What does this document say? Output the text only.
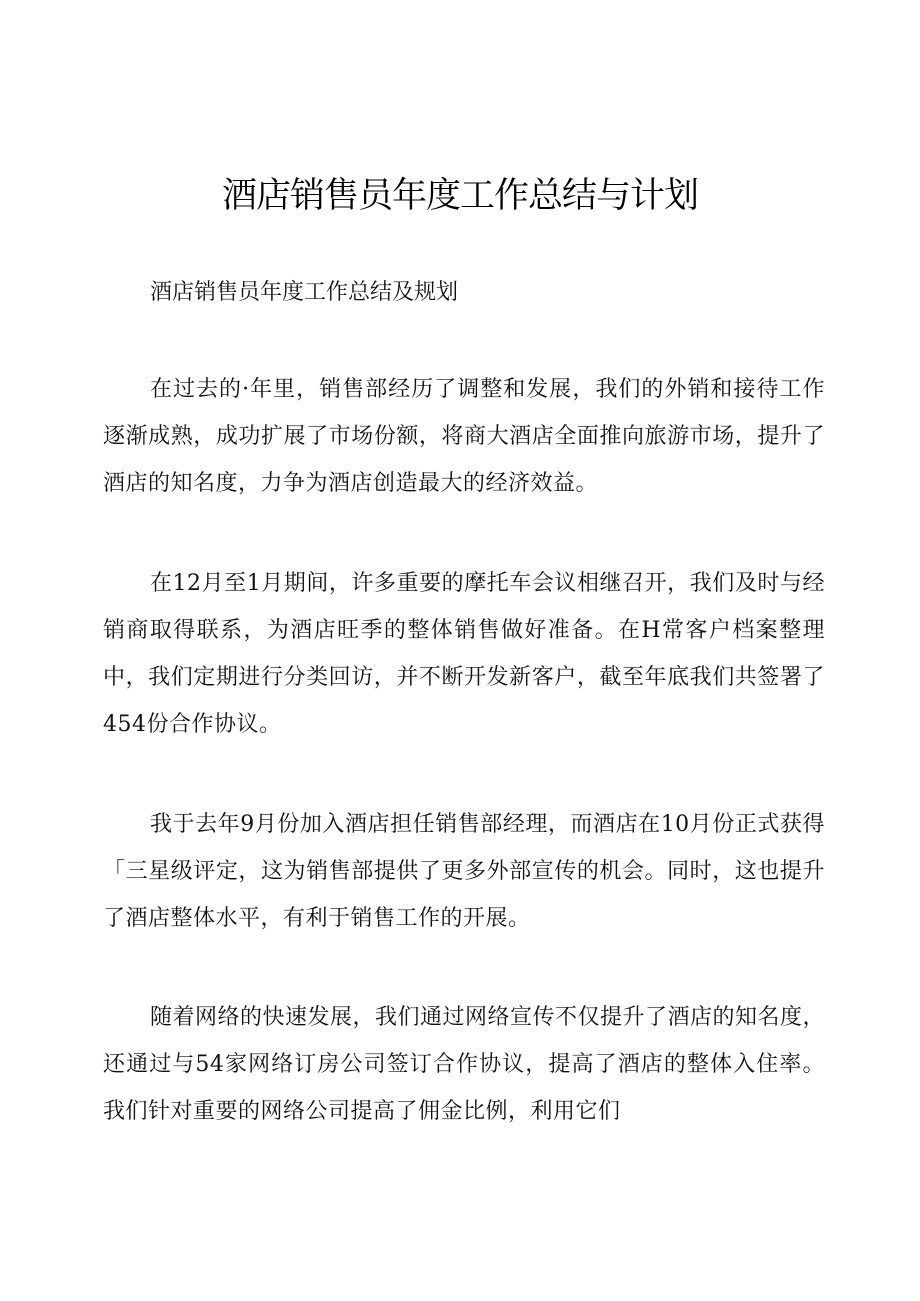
酒店销售员年度工作总结与计划

酒店销售员年度工作总结及规划

在过去的·年里，销售部经历了调整和发展，我们的外销和接待工作逐渐成熟，成功扩展了市场份额，将商大酒店全面推向旅游市场，提升了酒店的知名度，力争为酒店创造最大的经济效益。

在12月至1月期间，许多重要的摩托车会议相继召开，我们及时与经销商取得联系，为酒店旺季的整体销售做好准备。在H常客户档案整理中，我们定期进行分类回访，并不断开发新客户，截至年底我们共签署了454份合作协议。

我于去年9月份加入酒店担任销售部经理，而酒店在10月份正式获得「三星级评定，这为销售部提供了更多外部宣传的机会。同时，这也提升了酒店整体水平，有利于销售工作的开展。

随着网络的快速发展，我们通过网络宣传不仅提升了酒店的知名度，还通过与54家网络订房公司签订合作协议，提高了酒店的整体入住率。我们针对重要的网络公司提高了佣金比例，利用它们
